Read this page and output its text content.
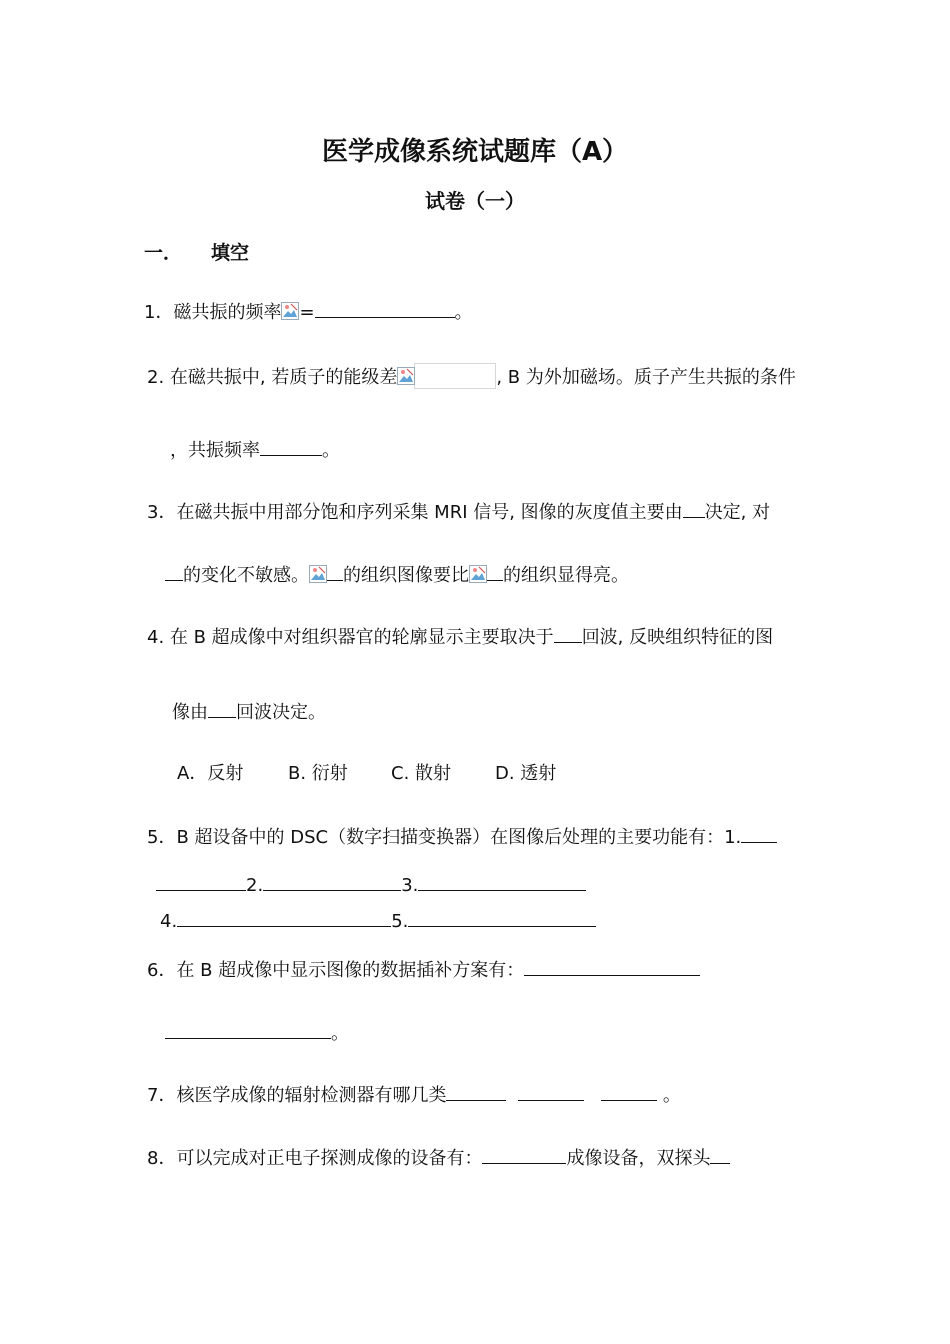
医学成像系统试题库（A）
试卷（一）
一． 填空
1．磁共振的频率 =	。
2. 在磁共振中, 若质子的能级差	, B 为外加磁场。质子产生共振的条件
，共振频率	。
3．在磁共振中用部分饱和序列采集 MRI 信号, 图像的灰度值主要由 决定, 对
的变化不敏感。 的组织图像要比 的组织显得亮。
4. 在 B 超成像中对组织器官的轮廓显示主要取决于 回波, 反映组织特征的图
像由 回波决定。
A．反射 B. 衍射 C. 散射 D. 透射
5．B 超设备中的 DSC（数字扫描变换器）在图像后处理的主要功能有：1.
2.	3.
4.	5.
6．在 B 超成像中显示图像的数据插补方案有：
。
7．核医学成像的辐射检测器有哪几类	。
8．可以完成对正电子探测成像的设备有：	成像设备，双探头
